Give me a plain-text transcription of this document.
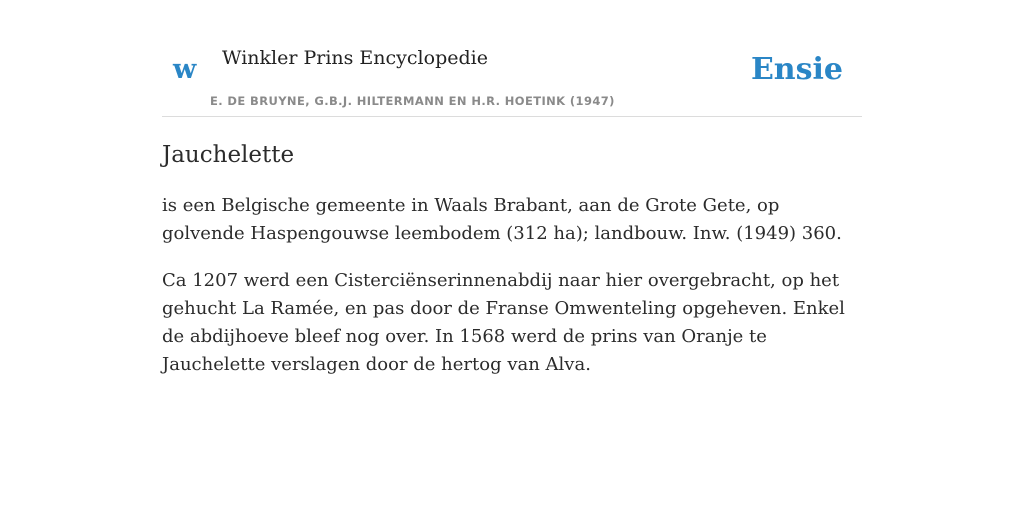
w Winkler Prins Encyclopedie
E. DE BRUYNE, G.B.J. HILTERMANN EN H.R. HOETINK (1947)
Ensie
Jauchelette

is een Belgische gemeente in Waals Brabant, aan de Grote Gete, op golvende Haspengouwse leembodem (312 ha); landbouw. Inw. (1949) 360.

Ca 1207 werd een Cisterciënserinnenabdij naar hier overgebracht, op het gehucht La Ramée, en pas door de Franse Omwenteling opgeheven. Enkel de abdijhoeve bleef nog over. In 1568 werd de prins van Oranje te Jauchelette verslagen door de hertog van Alva.
